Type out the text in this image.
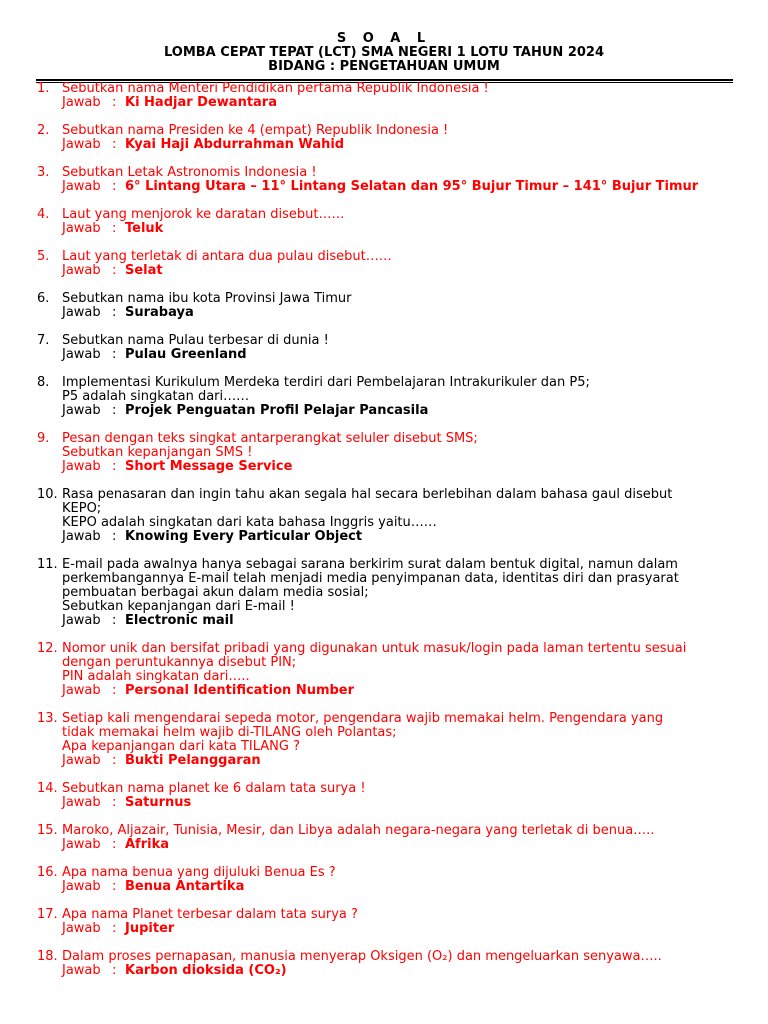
S O A L
LOMBA CEPAT TEPAT (LCT) SMA NEGERI 1 LOTU TAHUN 2024
BIDANG : PENGETAHUAN UMUM
1. Sebutkan nama Menteri Pendidikan pertama Republik Indonesia !
Jawab : Ki Hadjar Dewantara
2. Sebutkan nama Presiden ke 4 (empat) Republik Indonesia !
Jawab : Kyai Haji Abdurrahman Wahid
3. Sebutkan Letak Astronomis Indonesia !
Jawab : 6° Lintang Utara – 11° Lintang Selatan dan 95° Bujur Timur – 141° Bujur Timur
4. Laut yang menjorok ke daratan disebut……
Jawab : Teluk
5. Laut yang terletak di antara dua pulau disebut……
Jawab : Selat
6. Sebutkan nama ibu kota Provinsi Jawa Timur
Jawab : Surabaya
7. Sebutkan nama Pulau terbesar di dunia !
Jawab : Pulau Greenland
8. Implementasi Kurikulum Merdeka terdiri dari Pembelajaran Intrakurikuler dan P5;
P5 adalah singkatan dari……
Jawab : Projek Penguatan Profil Pelajar Pancasila
9. Pesan dengan teks singkat antarperangkat seluler disebut SMS;
Sebutkan kepanjangan SMS !
Jawab : Short Message Service
10. Rasa penasaran dan ingin tahu akan segala hal secara berlebihan dalam bahasa gaul disebut
KEPO;
KEPO adalah singkatan dari kata bahasa Inggris yaitu……
Jawab : Knowing Every Particular Object
11. E-mail pada awalnya hanya sebagai sarana berkirim surat dalam bentuk digital, namun dalam
perkembangannya E-mail telah menjadi media penyimpanan data, identitas diri dan prasyarat
pembuatan berbagai akun dalam media sosial;
Sebutkan kepanjangan dari E-mail !
Jawab : Electronic mail
12. Nomor unik dan bersifat pribadi yang digunakan untuk masuk/login pada laman tertentu sesuai
dengan peruntukannya disebut PIN;
PIN adalah singkatan dari…..
Jawab : Personal Identification Number
13. Setiap kali mengendarai sepeda motor, pengendara wajib memakai helm. Pengendara yang
tidak memakai helm wajib di-TILANG oleh Polantas;
Apa kepanjangan dari kata TILANG ?
Jawab : Bukti Pelanggaran
14. Sebutkan nama planet ke 6 dalam tata surya !
Jawab : Saturnus
15. Maroko, Aljazair, Tunisia, Mesir, dan Libya adalah negara-negara yang terletak di benua…..
Jawab : Afrika
16. Apa nama benua yang dijuluki Benua Es ?
Jawab : Benua Antartika
17. Apa nama Planet terbesar dalam tata surya ?
Jawab : Jupiter
18. Dalam proses pernapasan, manusia menyerap Oksigen (O₂) dan mengeluarkan senyawa…..
Jawab : Karbon dioksida (CO₂)
